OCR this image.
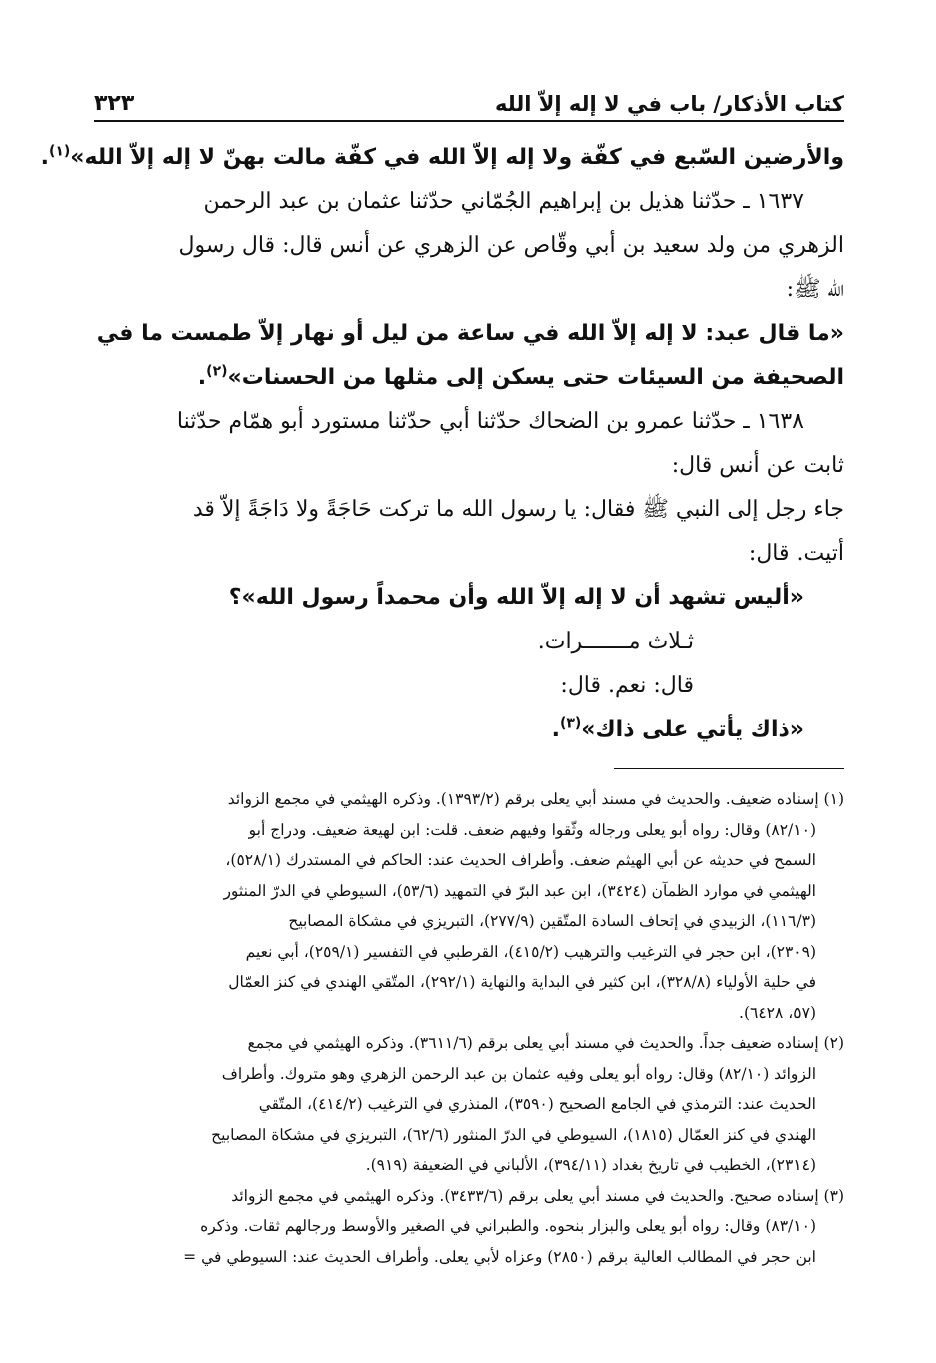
كتاب الأذكار/ باب في لا إله إلاّ الله
٣٢٣
والأرضين السّبع في كفّة ولا إله إلاّ الله في كفّة مالت بهنّ لا إله إلاّ الله»$^{(١)}$.
١٦٣٧ ـ حدّثنا هذيل بن إبراهيم الجُمّاني حدّثنا عثمان بن عبد الرحمن
الزهري من ولد سعيد بن أبي وقّاص عن الزهري عن أنس قال: قال رسول
الله ﷺ:
«ما قال عبد: لا إله إلاّ الله في ساعة من ليل أو نهار إلاّ طمست ما في
الصحيفة من السيئات حتى يسكن إلى مثلها من الحسنات»$^{(٢)}$.
١٦٣٨ ـ حدّثنا عمرو بن الضحاك حدّثنا أبي حدّثنا مستورد أبو همّام حدّثنا
ثابت عن أنس قال:
جاء رجل إلى النبي ﷺ فقال: يا رسول الله ما تركت حَاجَةً ولا دَاجَةً إلاّ قد
أتيت. قال:
«أليس تشهد أن لا إله إلاّ الله وأن محمداً رسول الله»؟
ثـلاث مـــــــرات.
قال: نعم. قال:
«ذاك يأتي على ذاك»$^{(٣)}$.
(١) إسناده ضعيف. والحديث في مسند أبي يعلى برقم (١٣٩٣/٢). وذكره الهيثمي في مجمع الزوائد
(٨٢/١٠) وقال: رواه أبو يعلى ورجاله وثّقوا وفيهم ضعف. قلت: ابن لهيعة ضعيف. ودراج أبو
السمح في حديثه عن أبي الهيثم ضعف. وأطراف الحديث عند: الحاكم في المستدرك (٥٢٨/١)،
الهيثمي في موارد الظمآن (٣٤٢٤)، ابن عبد البرّ في التمهيد (٥٣/٦)، السيوطي في الدرّ المنثور
(١١٦/٣)، الزبيدي في إتحاف السادة المتّقين (٢٧٧/٩)، التبريزي في مشكاة المصابيح
(٢٣٠٩)، ابن حجر في الترغيب والترهيب (٤١٥/٢)، القرطبي في التفسير (٢٥٩/١)، أبي نعيم
في حلية الأولياء (٣٢٨/٨)، ابن كثير في البداية والنهاية (٢٩٢/١)، المتّقي الهندي في كنز العمّال
(٥٧، ٦٤٢٨).
(٢) إسناده ضعيف جداً. والحديث في مسند أبي يعلى برقم (٣٦١١/٦). وذكره الهيثمي في مجمع
الزوائد (٨٢/١٠) وقال: رواه أبو يعلى وفيه عثمان بن عبد الرحمن الزهري وهو متروك. وأطراف
الحديث عند: الترمذي في الجامع الصحيح (٣٥٩٠)، المنذري في الترغيب (٤١٤/٢)، المتّقي
الهندي في كنز العمّال (١٨١٥)، السيوطي في الدرّ المنثور (٦٢/٦)، التبريزي في مشكاة المصابيح
(٢٣١٤)، الخطيب في تاريخ بغداد (٣٩٤/١١)، الألباني في الضعيفة (٩١٩).
(٣) إسناده صحيح. والحديث في مسند أبي يعلى برقم (٣٤٣٣/٦). وذكره الهيثمي في مجمع الزوائد
(٨٣/١٠) وقال: رواه أبو يعلى والبزار بنحوه. والطبراني في الصغير والأوسط ورجالهم ثقات. وذكره
ابن حجر في المطالب العالية برقم (٢٨٥٠) وعزاه لأبي يعلى. وأطراف الحديث عند: السيوطي في =
